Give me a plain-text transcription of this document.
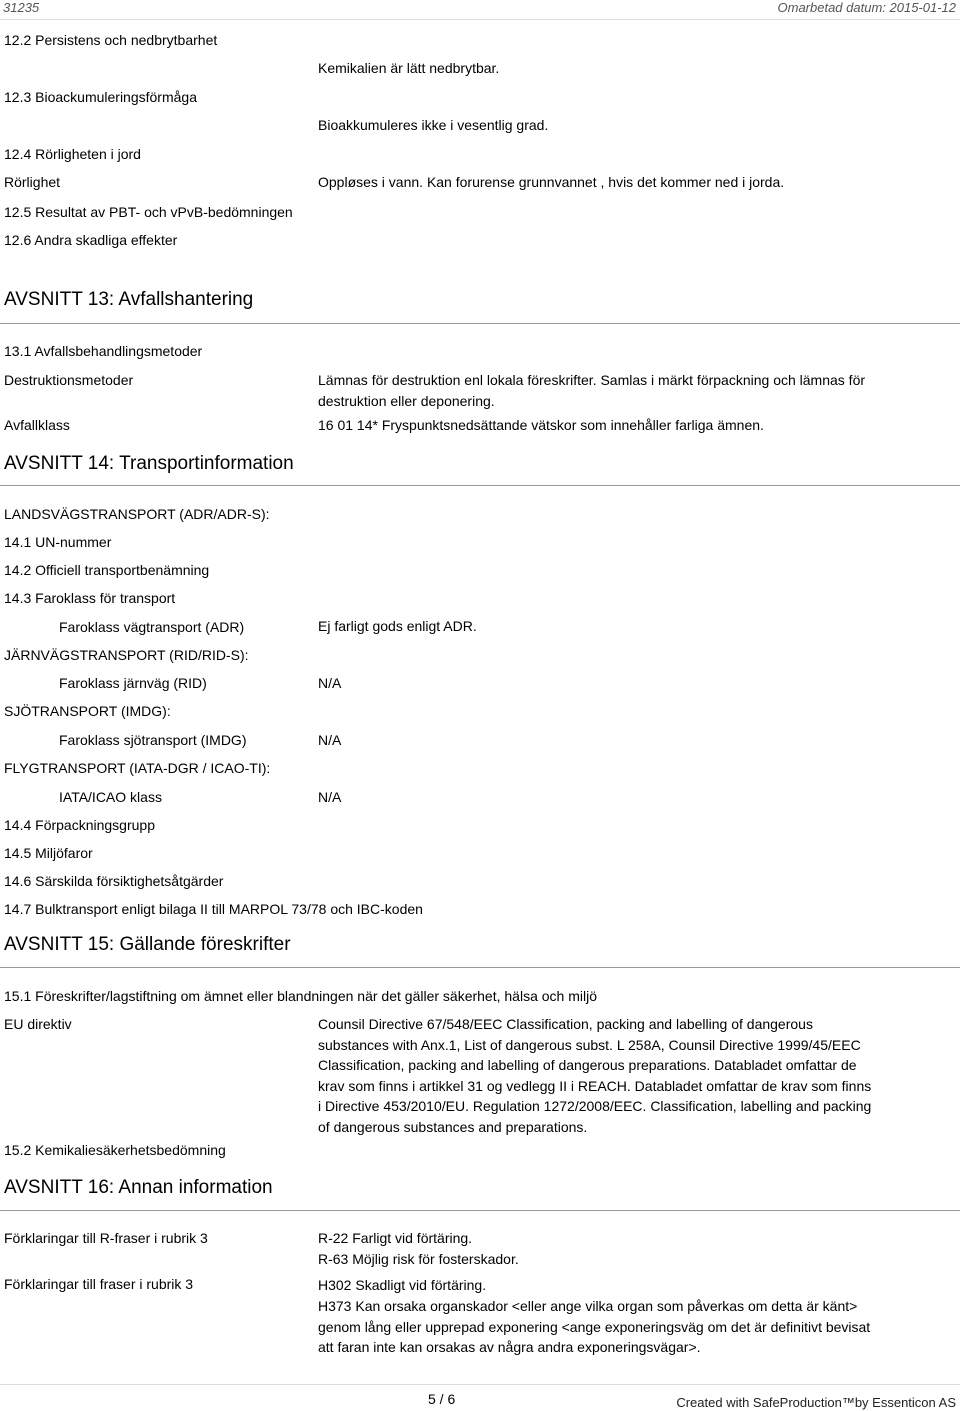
31235	Omarbetad datum: 2015-01-12
12.2 Persistens och nedbrytbarhet
Kemikalien är lätt nedbrytbar.
12.3 Bioackumuleringsförmåga
Bioakkumuleres ikke i vesentlig grad.
12.4 Rörligheten i jord
Rörlighet	Oppløses i vann. Kan forurense grunnvannet , hvis det kommer ned i jorda.
12.5 Resultat av PBT- och vPvB-bedömningen
12.6 Andra skadliga effekter
AVSNITT 13: Avfallshantering
13.1 Avfallsbehandlingsmetoder
Destruktionsmetoder	Lämnas för destruktion enl lokala föreskrifter. Samlas i märkt förpackning och lämnas för destruktion eller deponering.
Avfallklass	16 01 14* Fryspunktsnedsättande vätskor som innehåller farliga ämnen.
AVSNITT 14: Transportinformation
LANDSVÄGSTRANSPORT (ADR/ADR-S):
14.1 UN-nummer
14.2 Officiell transportbenämning
14.3 Faroklass för transport
Faroklass vägtransport (ADR)	Ej farligt gods enligt ADR.
JÄRNVÄGSTRANSPORT (RID/RID-S):
Faroklass järnväg (RID)	N/A
SJÖTRANSPORT (IMDG):
Faroklass sjötransport (IMDG)	N/A
FLYGTRANSPORT (IATA-DGR / ICAO-TI):
IATA/ICAO klass	N/A
14.4 Förpackningsgrupp
14.5 Miljöfaror
14.6 Särskilda försiktighetsåtgärder
14.7 Bulktransport enligt bilaga II till MARPOL 73/78 och IBC-koden
AVSNITT 15: Gällande föreskrifter
15.1 Föreskrifter/lagstiftning om ämnet eller blandningen när det gäller säkerhet, hälsa och miljö
EU direktiv	Counsil Directive 67/548/EEC Classification, packing and labelling of dangerous substances with Anx.1, List of dangerous subst. L 258A, Counsil Directive 1999/45/EEC Classification, packing and labelling of dangerous preparations. Databladet omfattar de krav som finns i artikkel 31 og vedlegg II i REACH. Databladet omfattar de krav som finns i Directive 453/2010/EU. Regulation 1272/2008/EEC. Classification, labelling and packing of dangerous substances and preparations.
15.2 Kemikaliesäkerhetsbedömning
AVSNITT 16: Annan information
Förklaringar till R-fraser i rubrik 3	R-22 Farligt vid förtäring.
R-63 Möjlig risk för fosterskador.
Förklaringar till fraser i rubrik 3	H302 Skadligt vid förtäring.
H373 Kan orsaka organskador <eller ange vilka organ som påverkas om detta är känt> genom lång eller upprepad exponering <ange exponeringsväg om det är definitivt bevisat att faran inte kan orsakas av några andra exponeringsvägar>.
5 / 6	Created with SafeProduction™by Essenticon AS
